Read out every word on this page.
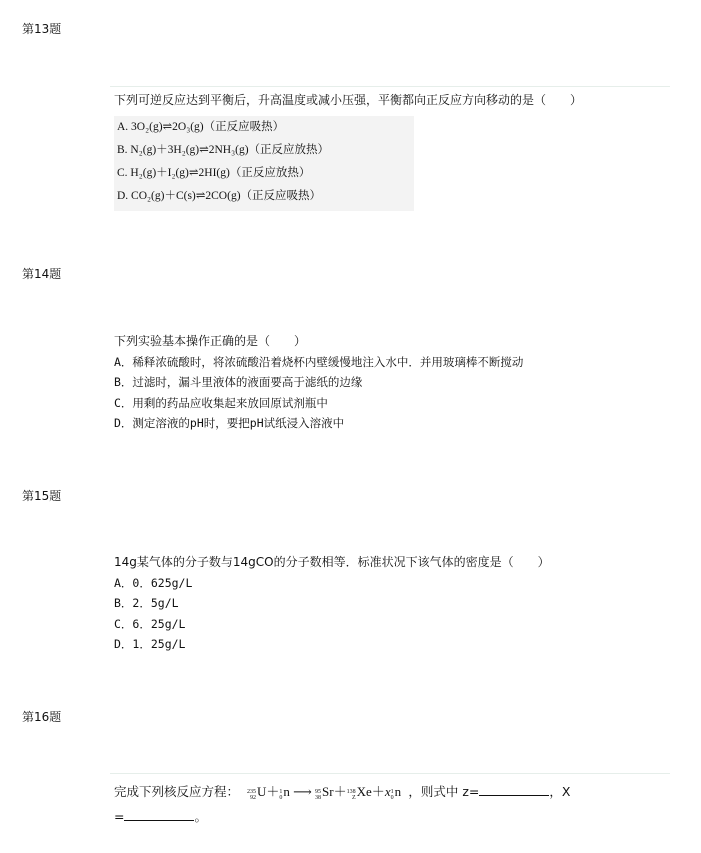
第13题
下列可逆反应达到平衡后，升高温度或减小压强，平衡都向正反应方向移动的是（　　）
A. 3O₂(g)⇌2O₃(g)（正反应吸热）
B. N₂(g)＋3H₂(g)⇌2NH₃(g)（正反应放热）
C. H₂(g)＋I₂(g)⇌2HI(g)（正反应放热）
D. CO₂(g)＋C(s)⇌2CO(g)（正反应吸热）
第14题
下列实验基本操作正确的是（　　）
A．稀释浓硫酸时，将浓硫酸沿着烧杯内壁缓慢地注入水中．并用玻璃棒不断搅动
B．过滤时，漏斗里液体的液面要高于滤纸的边缘
C．用剩的药品应收集起来放回原试剂瓶中
D．测定溶液的pH时，要把pH试纸浸入溶液中
第15题
14g某气体的分子数与14gCO的分子数相等．标准状况下该气体的密度是（　　）
A．0．625g/L
B．2．5g/L
C．6．25g/L
D．1．25g/L
第16题
完成下列核反应方程： 235
92U＋1
0n ⟶ 95
38Sr＋138
ZXe＋x1
0n ，则式中 z=	，X
=	。
